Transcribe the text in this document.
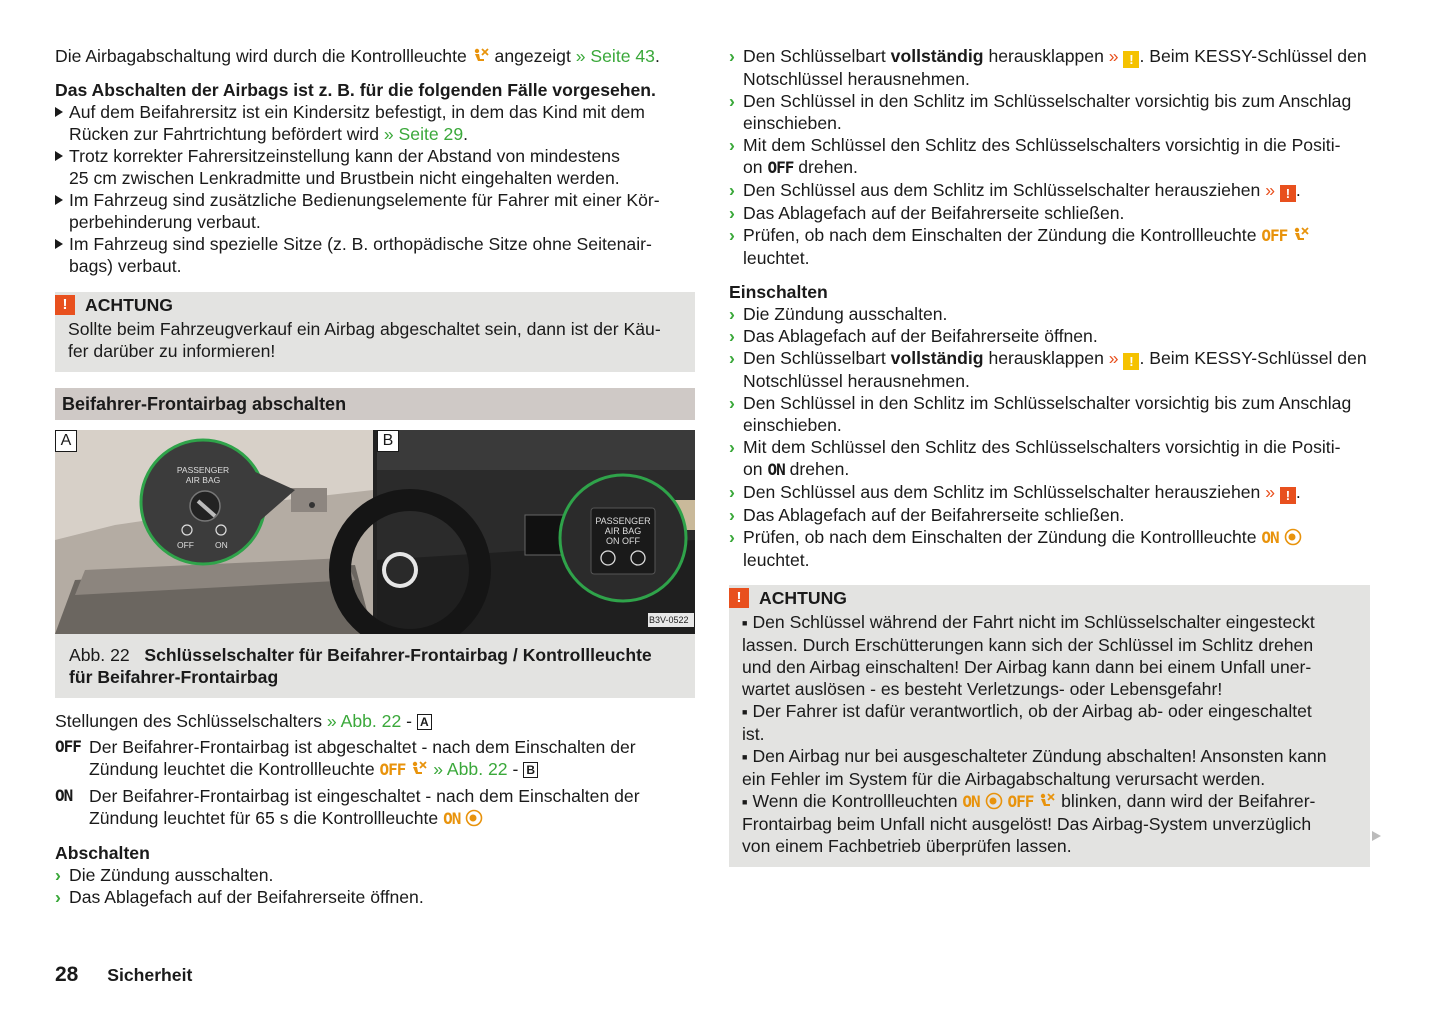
Die Airbagabschaltung wird durch die Kontrollleuchte angezeigt » Seite 43.

Das Abschalten der Airbags ist z. B. für die folgenden Fälle vorgesehen.

Auf dem Beifahrersitz ist ein Kindersitz befestigt, in dem das Kind mit dem
Rücken zur Fahrtrichtung befördert wird » Seite 29.
Trotz korrekter Fahrersitzeinstellung kann der Abstand von mindestens
25 cm zwischen Lenkradmitte und Brustbein nicht eingehalten werden.
Im Fahrzeug sind zusätzliche Bedienungselemente für Fahrer mit einer Kör-
perbehinderung verbaut.
Im Fahrzeug sind spezielle Sitze (z. B. orthopädische Sitze ohne Seitenair-
bags) verbaut.
! ACHTUNG

Sollte beim Fahrzeugverkauf ein Airbag abgeschaltet sein, dann ist der Käu-
fer darüber zu informieren!

Beifahrer-Frontairbag abschalten
A	B
PASSENGER
AIR BAG
OFF ON
PASSENGER
AIR BAG
ON OFF
B3V-0522
Abb. 22 Schlüsselschalter für Beifahrer-Frontairbag / Kontrollleuchte
für Beifahrer-Frontairbag

Stellungen des Schlüsselschalters » Abb. 22 - A

OFF Der Beifahrer-Frontairbag ist abgeschaltet - nach dem Einschalten der
Zündung leuchtet die Kontrollleuchte OFF » Abb. 22 - B
ON Der Beifahrer-Frontairbag ist eingeschaltet - nach dem Einschalten der
Zündung leuchtet für 65 s die Kontrollleuchte ON

Abschalten

› Die Zündung ausschalten.
› Das Ablagefach auf der Beifahrerseite öffnen.
› Den Schlüsselbart vollständig herausklappen » ! . Beim KESSY-Schlüssel den
Notschlüssel herausnehmen.
› Den Schlüssel in den Schlitz im Schlüsselschalter vorsichtig bis zum Anschlag
einschieben.
› Mit dem Schlüssel den Schlitz des Schlüsselschalters vorsichtig in die Positi-
on OFF drehen.
› Den Schlüssel aus dem Schlitz im Schlüsselschalter herausziehen » ! .
› Das Ablagefach auf der Beifahrerseite schließen.
› Prüfen, ob nach dem Einschalten der Zündung die Kontrollleuchte OFF
leuchtet.

Einschalten

› Die Zündung ausschalten.
› Das Ablagefach auf der Beifahrerseite öffnen.
› Den Schlüsselbart vollständig herausklappen » ! . Beim KESSY-Schlüssel den
Notschlüssel herausnehmen.
› Den Schlüssel in den Schlitz im Schlüsselschalter vorsichtig bis zum Anschlag
einschieben.
› Mit dem Schlüssel den Schlitz des Schlüsselschalters vorsichtig in die Positi-
on ON drehen.
› Den Schlüssel aus dem Schlitz im Schlüsselschalter herausziehen » ! .
› Das Ablagefach auf der Beifahrerseite schließen.
› Prüfen, ob nach dem Einschalten der Zündung die Kontrollleuchte ON
leuchtet.
! ACHTUNG

■ Den Schlüssel während der Fahrt nicht im Schlüsselschalter eingesteckt
lassen. Durch Erschütterungen kann sich der Schlüssel im Schlitz drehen
und den Airbag einschalten! Der Airbag kann dann bei einem Unfall uner-
wartet auslösen - es besteht Verletzungs- oder Lebensgefahr!

■ Der Fahrer ist dafür verantwortlich, ob der Airbag ab- oder eingeschaltet
ist.

■ Den Airbag nur bei ausgeschalteter Zündung abschalten! Ansonsten kann
ein Fehler im System für die Airbagabschaltung verursacht werden.

■ Wenn die Kontrollleuchten ON OFF blinken, dann wird der Beifahrer-
Frontairbag beim Unfall nicht ausgelöst! Das Airbag-System unverzüglich
von einem Fachbetrieb überprüfen lassen.

28 Sicherheit
